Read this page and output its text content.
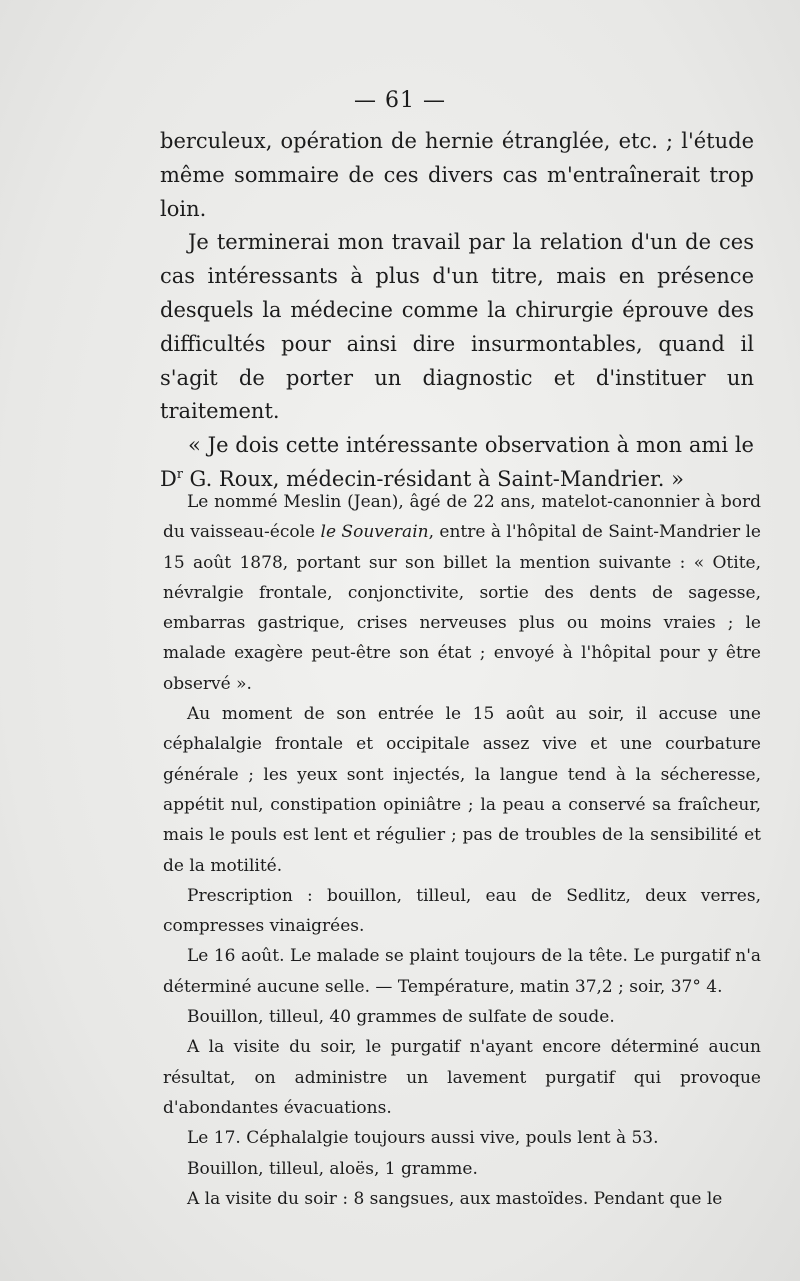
— 61 —

berculeux, opération de hernie étranglée, etc. ; l'étude même sommaire de ces divers cas m'entraînerait trop loin.

Je terminerai mon travail par la relation d'un de ces cas intéressants à plus d'un titre, mais en présence desquels la médecine comme la chirurgie éprouve des difficultés pour ainsi dire insurmontables, quand il s'agit de porter un diagnostic et d'instituer un traitement.

« Je dois cette intéressante observation à mon ami le $D^r$ G. Roux, médecin-résidant à Saint-Mandrier. »

Le nommé Meslin (Jean), âgé de 22 ans, matelot-canonnier à bord du vaisseau-école le Souverain, entre à l'hôpital de Saint-Mandrier le 15 août 1878, portant sur son billet la mention suivante : « Otite, névralgie frontale, conjonctivite, sortie des dents de sagesse, embarras gastrique, crises nerveuses plus ou moins vraies ; le malade exagère peut-être son état ; envoyé à l'hôpital pour y être observé ».

Au moment de son entrée le 15 août au soir, il accuse une céphalalgie frontale et occipitale assez vive et une courbature générale ; les yeux sont injectés, la langue tend à la sécheresse, appétit nul, constipation opiniâtre ; la peau a conservé sa fraîcheur, mais le pouls est lent et régulier ; pas de troubles de la sensibilité et de la motilité.

Prescription : bouillon, tilleul, eau de Sedlitz, deux verres, compresses vinaigrées.

Le 16 août. Le malade se plaint toujours de la tête. Le purgatif n'a déterminé aucune selle. — Température, matin 37,2 ; soir, 37° 4.

Bouillon, tilleul, 40 grammes de sulfate de soude.

A la visite du soir, le purgatif n'ayant encore déterminé aucun résultat, on administre un lavement purgatif qui provoque d'abondantes évacuations.

Le 17. Céphalalgie toujours aussi vive, pouls lent à 53.

Bouillon, tilleul, aloës, 1 gramme.

A la visite du soir : 8 sangsues, aux mastoïdes. Pendant que le
